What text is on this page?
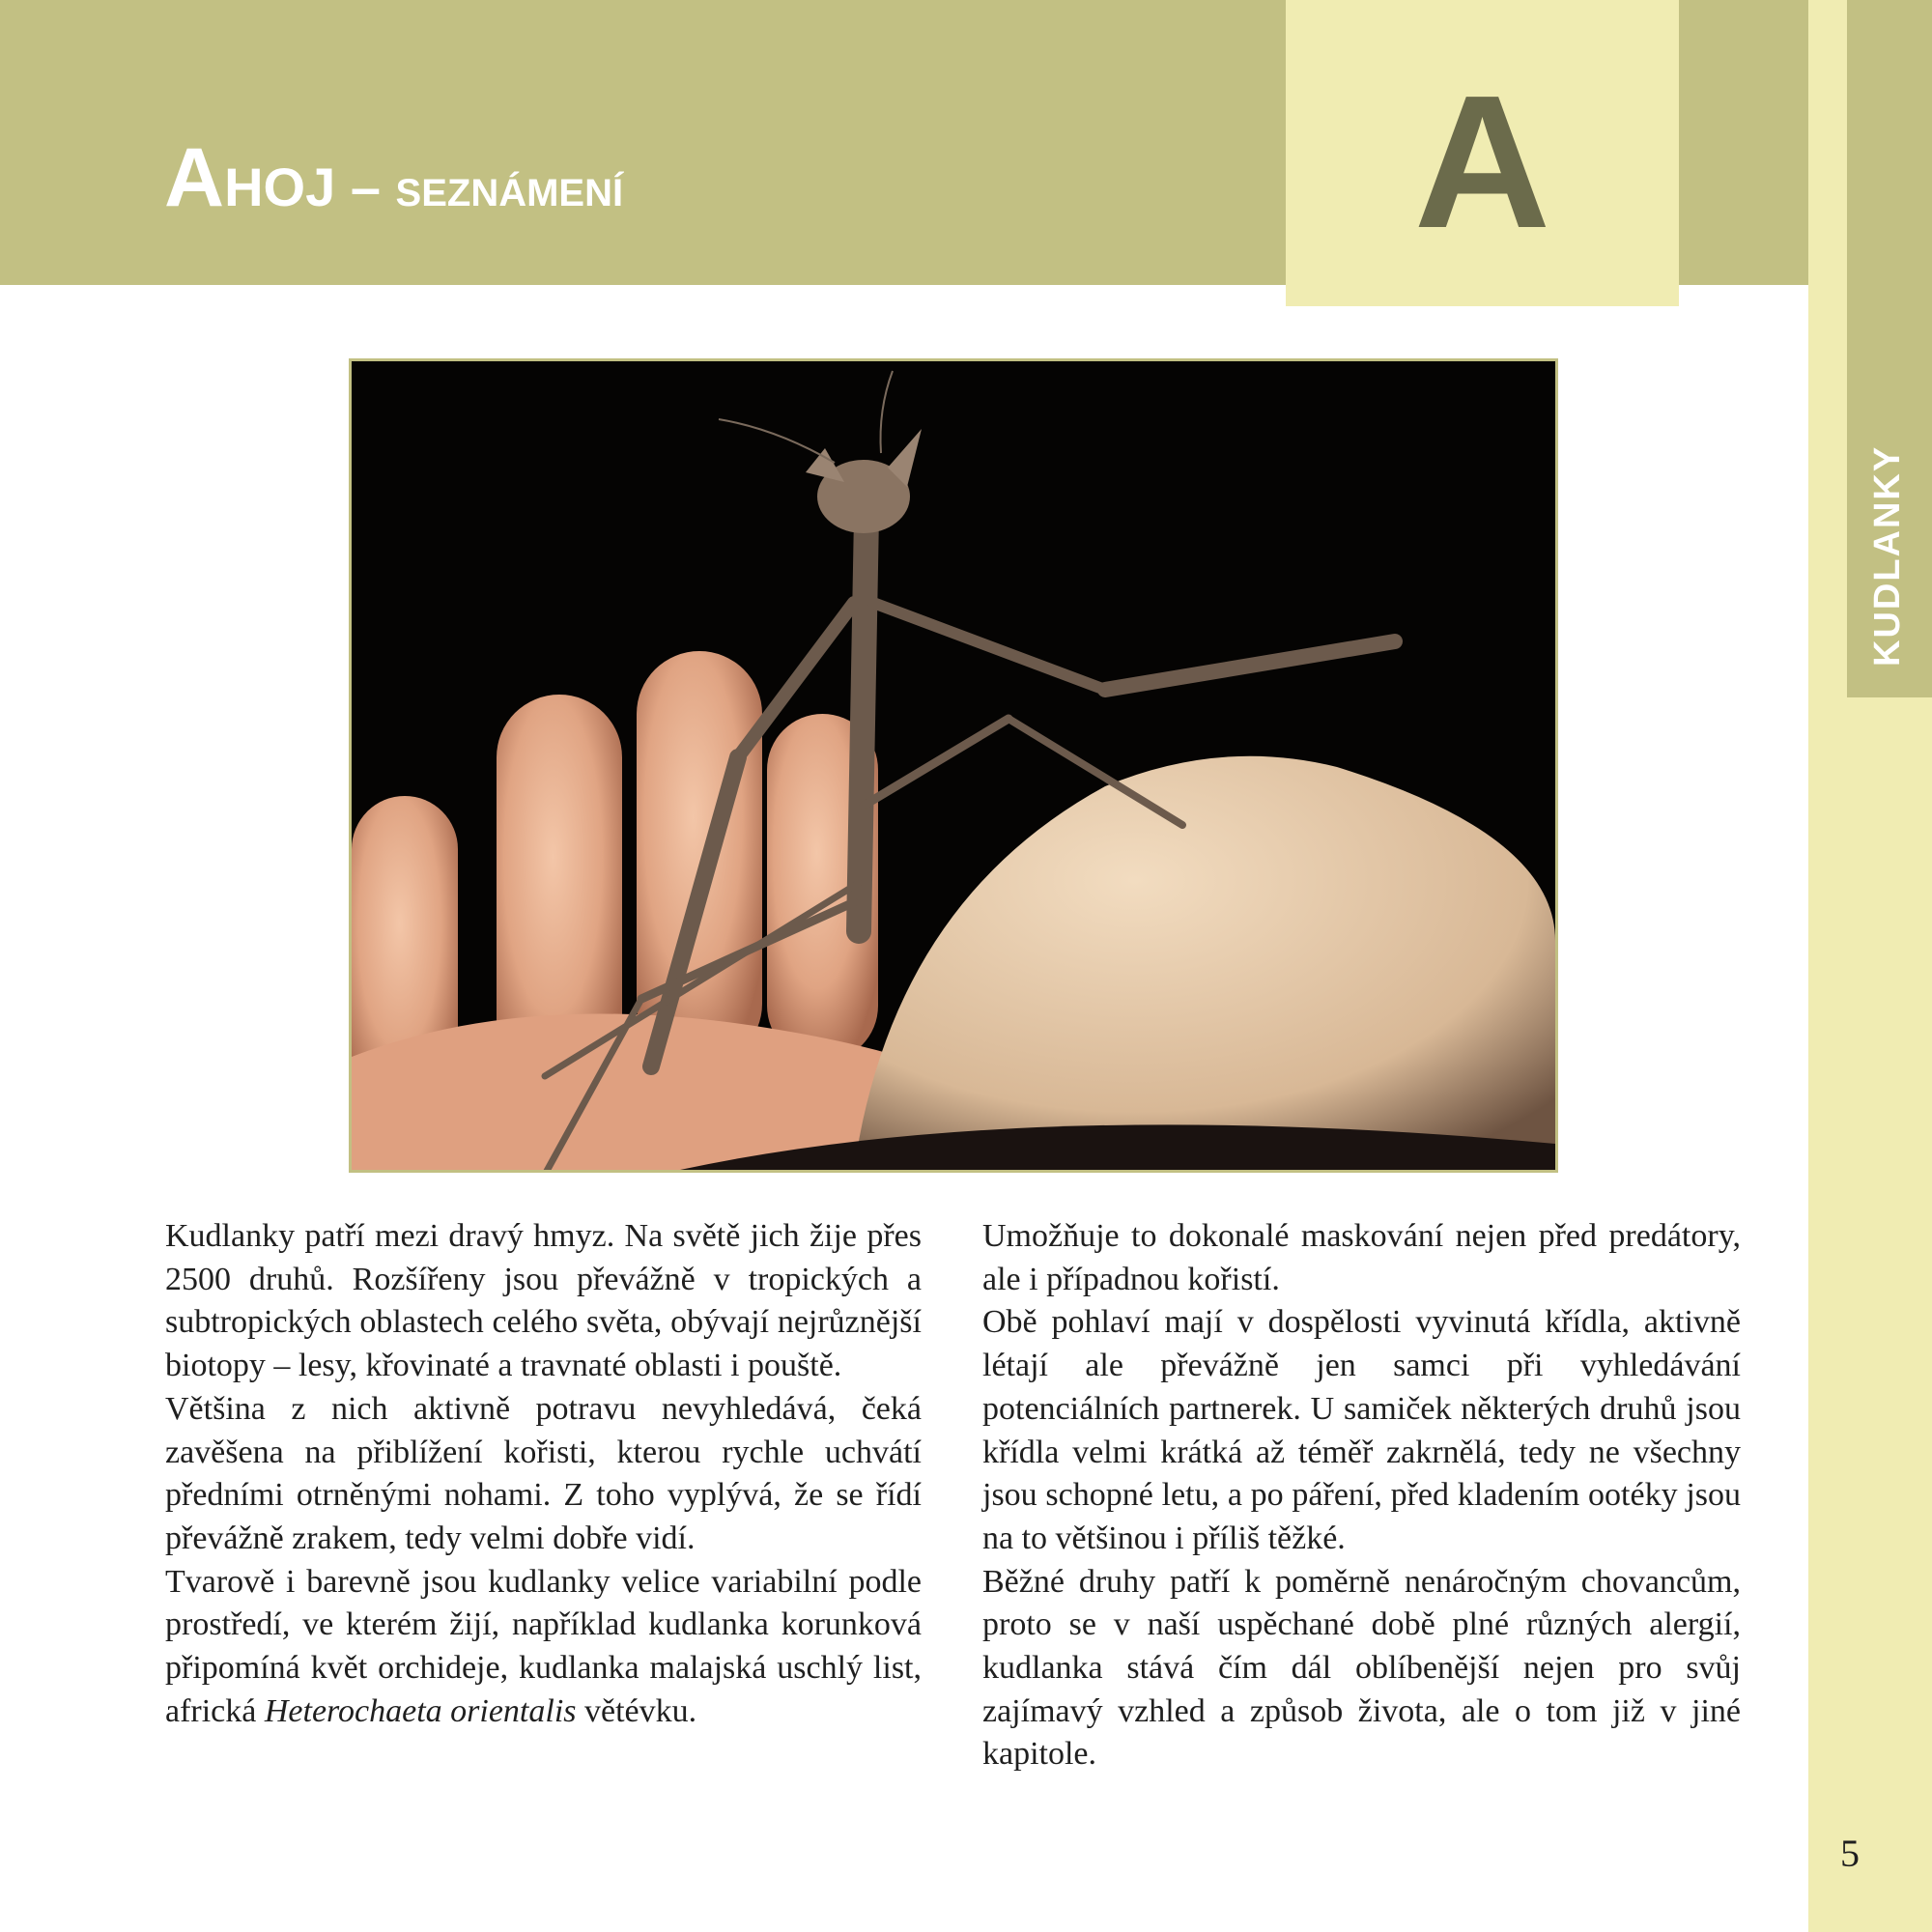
A
AHOJ – SEZNÁMENÍ
KUDLANKY

Kudlanky patří mezi dravý hmyz. Na světě jich žije přes 2500 druhů. Rozšířeny jsou převážně v tropických a subtropických oblastech celého světa, obývají nejrůznější biotopy – lesy, křovinaté a travnaté oblasti i pouště.

Většina z nich aktivně potravu nevyhledává, čeká zavěšena na přiblížení kořisti, kterou rychle uchvátí předními otrněnými nohami. Z toho vyplývá, že se řídí převážně zrakem, tedy velmi dobře vidí.

Tvarově i barevně jsou kudlanky velice variabilní podle prostředí, ve kterém žijí, například kudlanka korunková připomíná květ orchideje, kudlanka malajská uschlý list, africká Heterochaeta orientalis větévku.

Umožňuje to dokonalé maskování nejen před predátory, ale i případnou kořistí.

Obě pohlaví mají v dospělosti vyvinutá křídla, aktivně létají ale převážně jen samci při vyhledávání potenciálních partnerek. U samiček některých druhů jsou křídla velmi krátká až téměř zakrnělá, tedy ne všechny jsou schopné letu, a po páření, před kladením ootéky jsou na to většinou i příliš těžké.

Běžné druhy patří k poměrně nenáročným chovancům, proto se v naší uspěchané době plné různých alergií, kudlanka stává čím dál oblíbenější nejen pro svůj zajímavý vzhled a způsob života, ale o tom již v jiné kapitole.

5
